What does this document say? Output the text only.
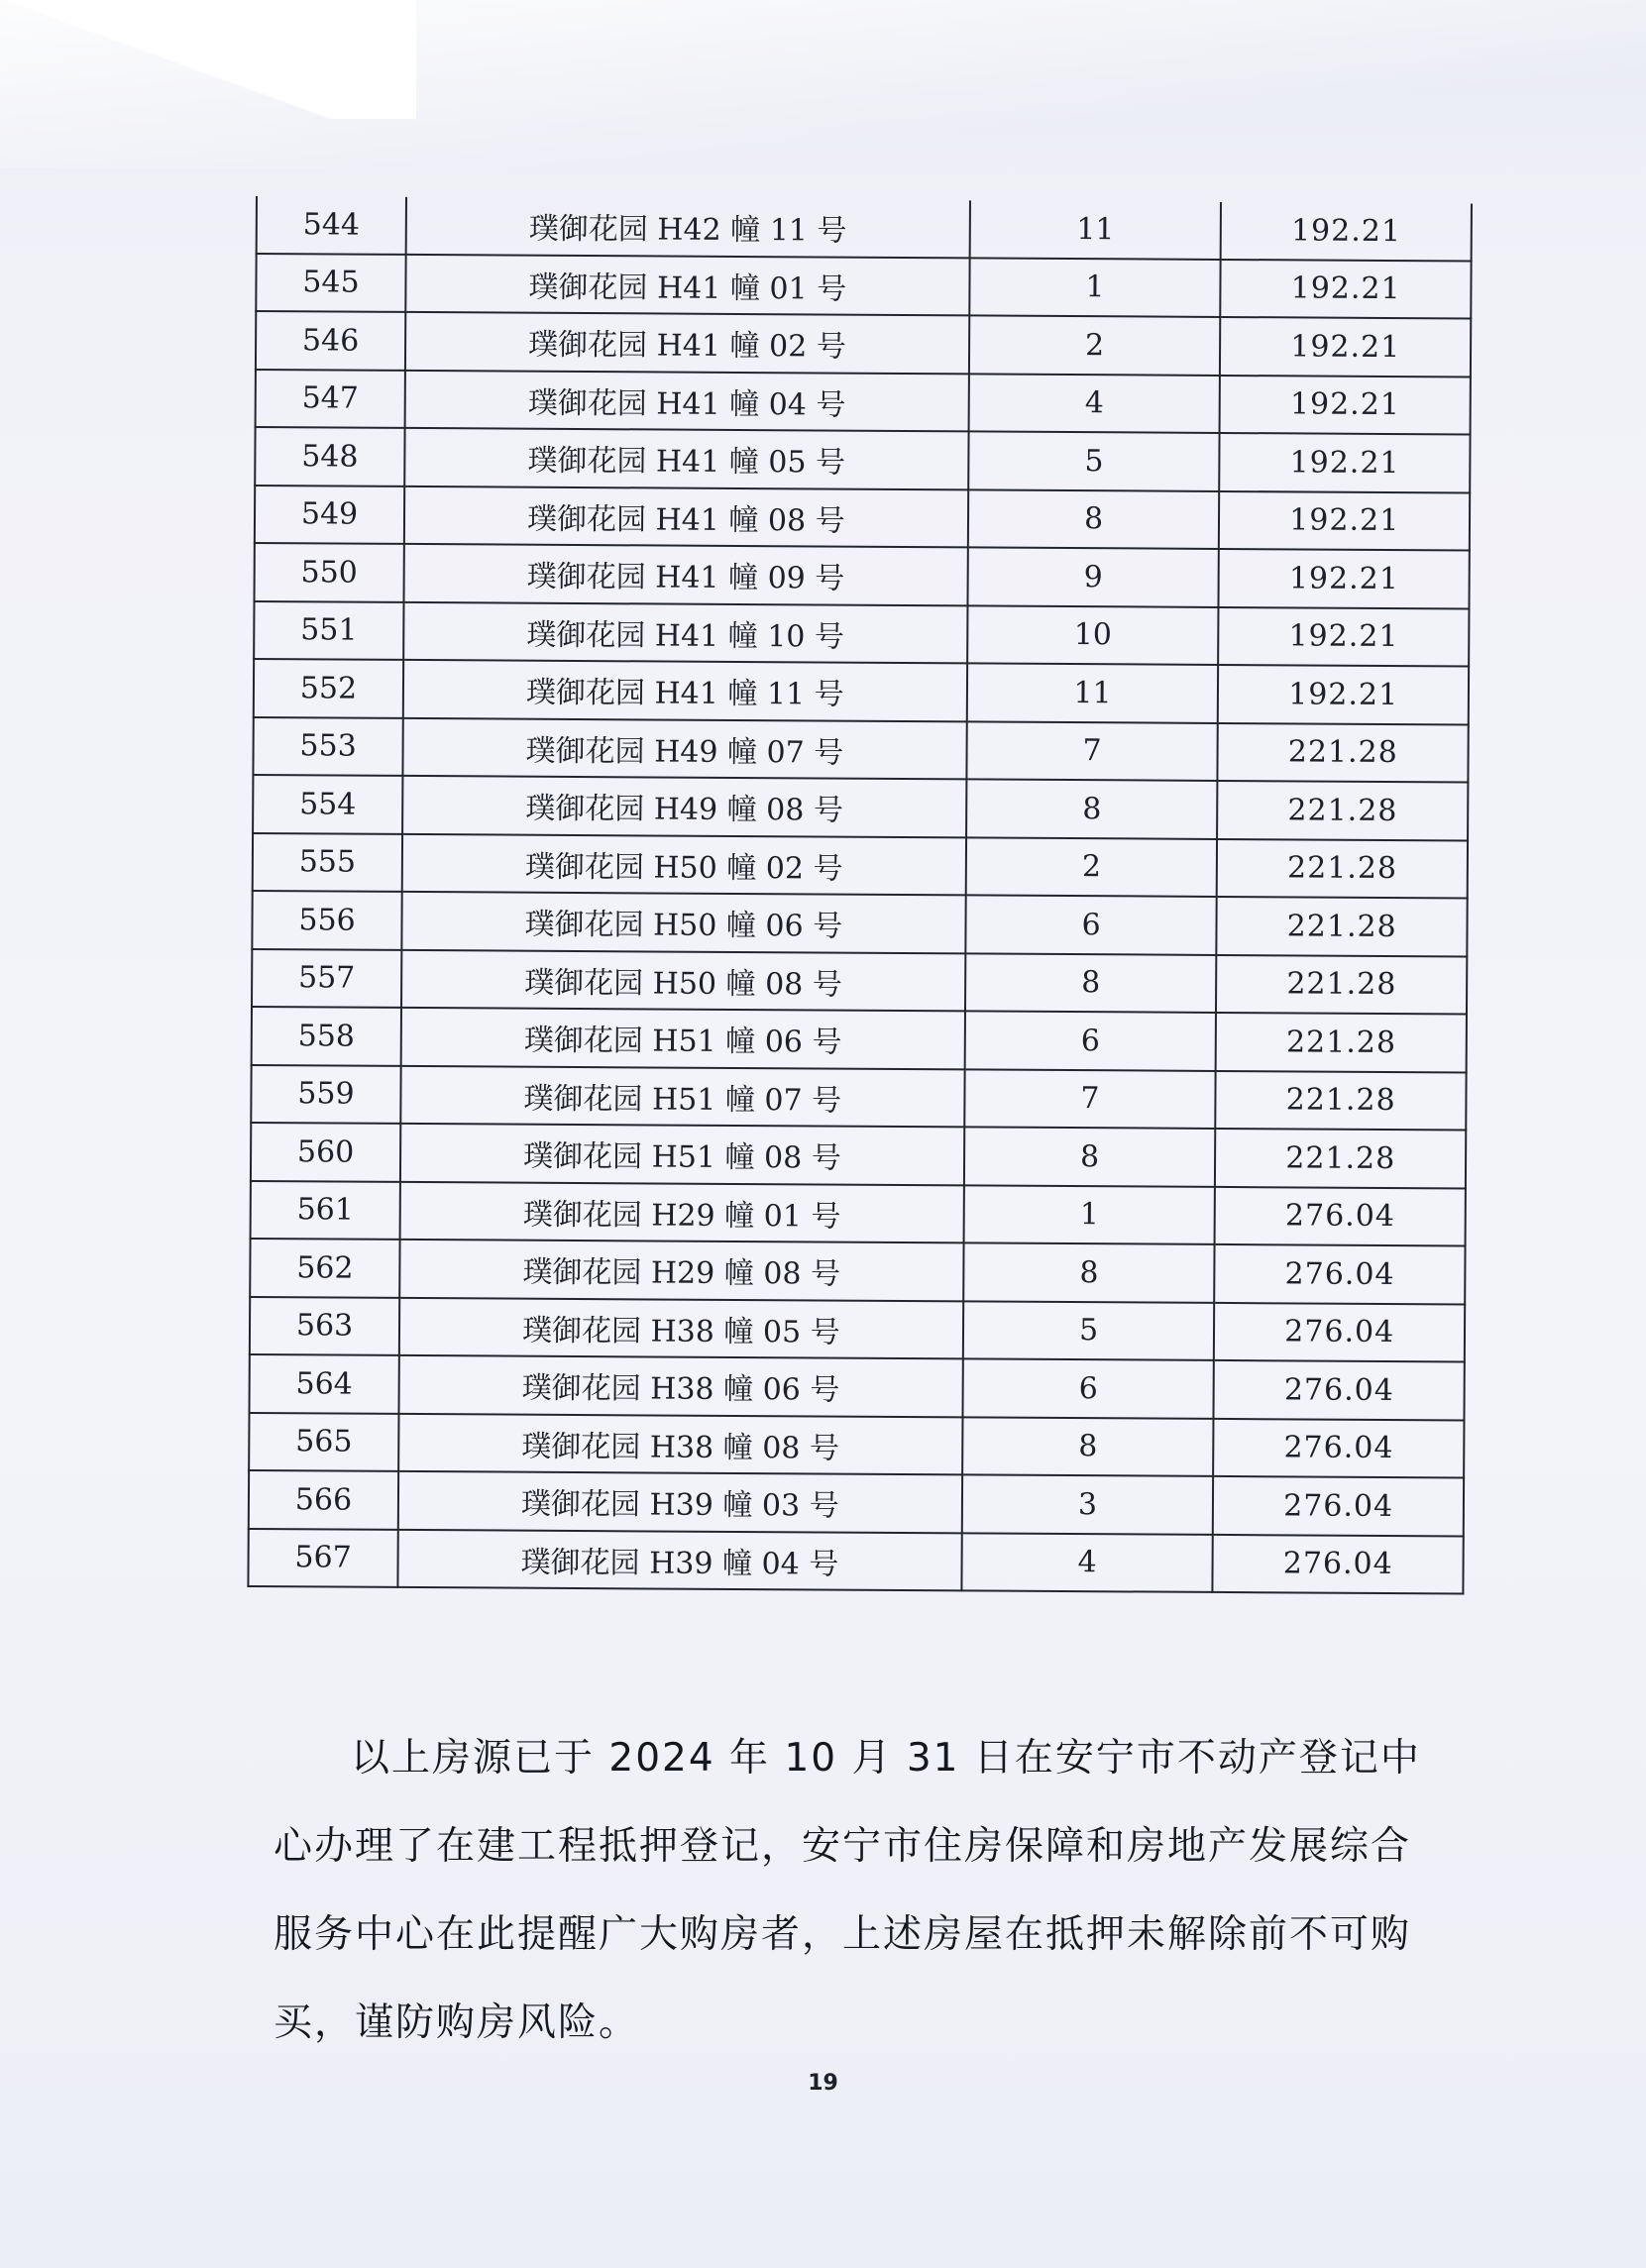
544	璞御花园 H42 幢 11 号	11	192.21
545	璞御花园 H41 幢 01 号	1	192.21
546	璞御花园 H41 幢 02 号	2	192.21
547	璞御花园 H41 幢 04 号	4	192.21
548	璞御花园 H41 幢 05 号	5	192.21
549	璞御花园 H41 幢 08 号	8	192.21
550	璞御花园 H41 幢 09 号	9	192.21
551	璞御花园 H41 幢 10 号	10	192.21
552	璞御花园 H41 幢 11 号	11	192.21
553	璞御花园 H49 幢 07 号	7	221.28
554	璞御花园 H49 幢 08 号	8	221.28
555	璞御花园 H50 幢 02 号	2	221.28
556	璞御花园 H50 幢 06 号	6	221.28
557	璞御花园 H50 幢 08 号	8	221.28
558	璞御花园 H51 幢 06 号	6	221.28
559	璞御花园 H51 幢 07 号	7	221.28
560	璞御花园 H51 幢 08 号	8	221.28
561	璞御花园 H29 幢 01 号	1	276.04
562	璞御花园 H29 幢 08 号	8	276.04
563	璞御花园 H38 幢 05 号	5	276.04
564	璞御花园 H38 幢 06 号	6	276.04
565	璞御花园 H38 幢 08 号	8	276.04
566	璞御花园 H39 幢 03 号	3	276.04
567	璞御花园 H39 幢 04 号	4	276.04

以上房源已于 2024 年 10 月 31 日在安宁市不动产登记中心办理了在建工程抵押登记，安宁市住房保障和房地产发展综合服务中心在此提醒广大购房者，上述房屋在抵押未解除前不可购买，谨防购房风险。

19
